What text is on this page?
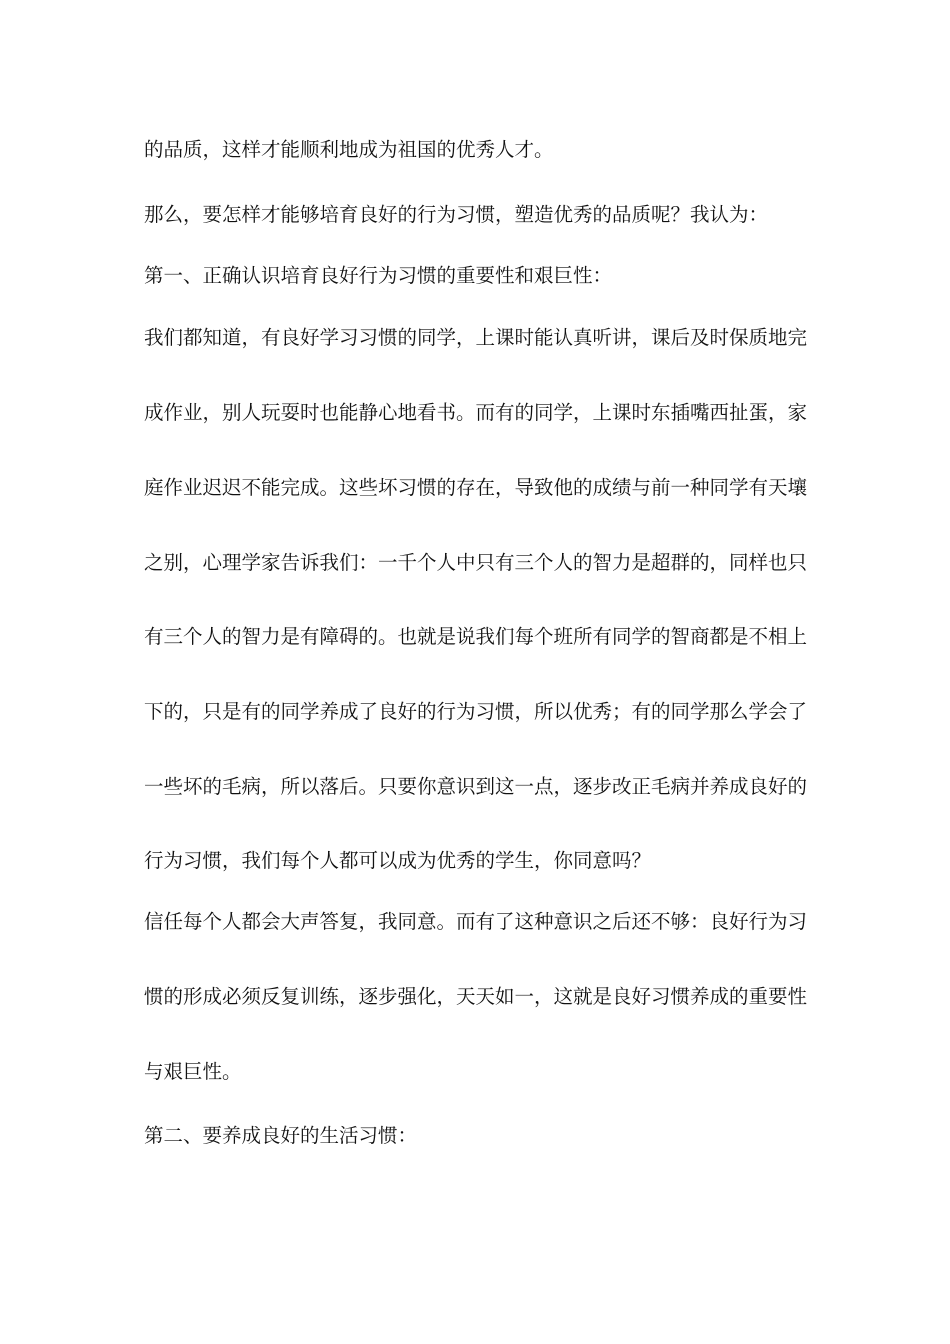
的品质，这样才能顺利地成为祖国的优秀人才。
那么，要怎样才能够培育良好的行为习惯，塑造优秀的品质呢？我认为：
第一、正确认识培育良好行为习惯的重要性和艰巨性：
我们都知道，有良好学习习惯的同学，上课时能认真听讲，课后及时保质地完
成作业，别人玩耍时也能静心地看书。而有的同学，上课时东插嘴西扯蛋，家
庭作业迟迟不能完成。这些坏习惯的存在，导致他的成绩与前一种同学有天壤
之别，心理学家告诉我们：一千个人中只有三个人的智力是超群的，同样也只
有三个人的智力是有障碍的。也就是说我们每个班所有同学的智商都是不相上
下的，只是有的同学养成了良好的行为习惯，所以优秀；有的同学那么学会了
一些坏的毛病，所以落后。只要你意识到这一点，逐步改正毛病并养成良好的
行为习惯，我们每个人都可以成为优秀的学生，你同意吗？
信任每个人都会大声答复，我同意。而有了这种意识之后还不够：良好行为习
惯的形成必须反复训练，逐步强化，天天如一，这就是良好习惯养成的重要性
与艰巨性。
第二、要养成良好的生活习惯：
